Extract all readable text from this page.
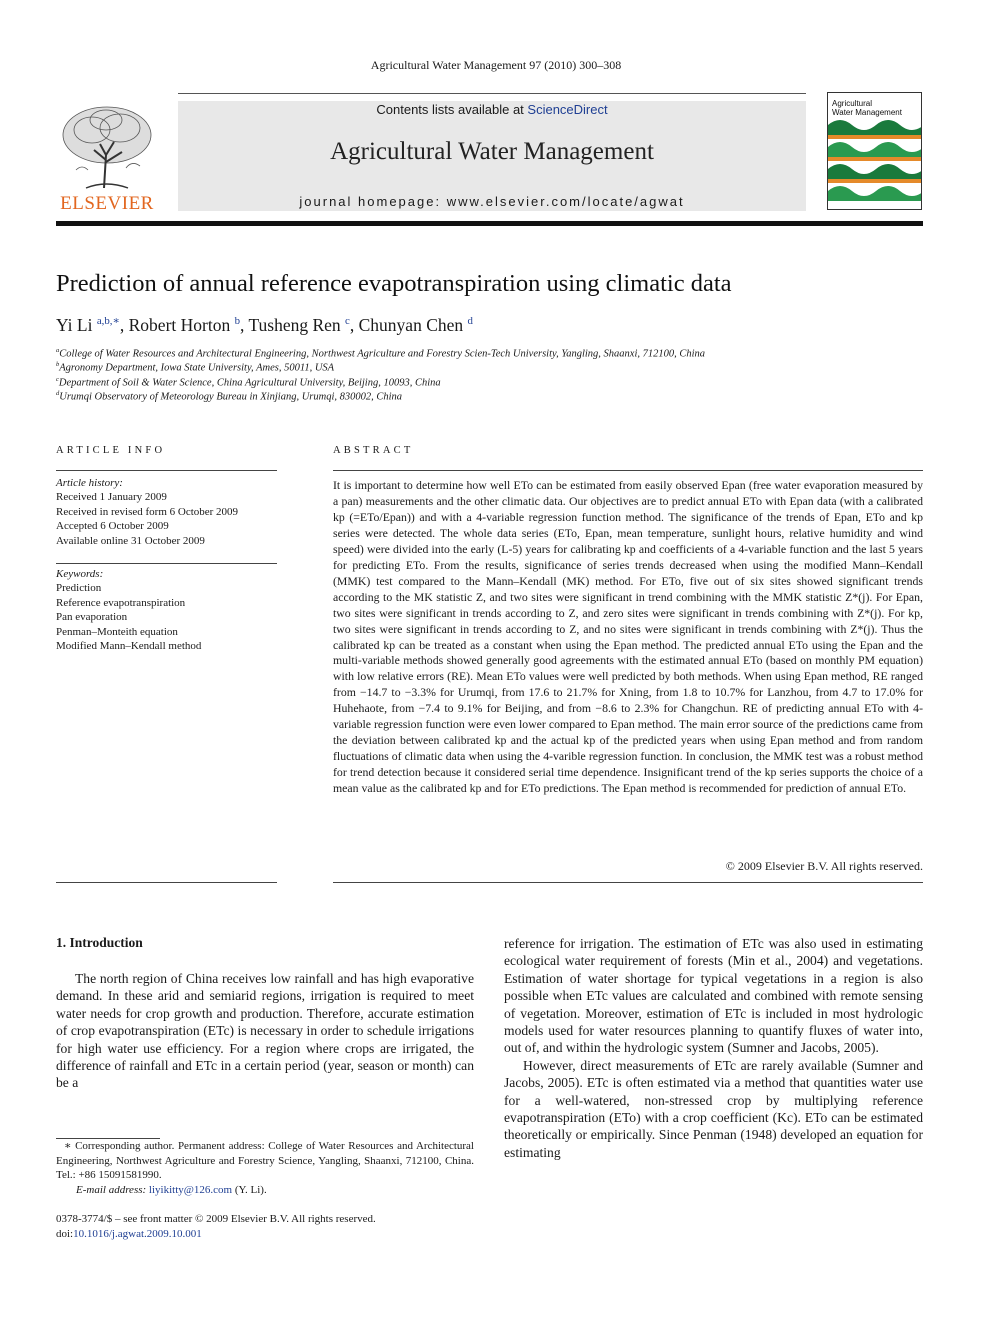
Agricultural Water Management 97 (2010) 300–308
ELSEVIER
Contents lists available at ScienceDirect
Agricultural Water Management
journal homepage: www.elsevier.com/locate/agwat
Agricultural
Water Management
Prediction of annual reference evapotranspiration using climatic data
Yi Li $^{a,b,∗}$, Robert Horton $^b$, Tusheng Ren $^c$, Chunyan Chen $^d$
$^a$College of Water Resources and Architectural Engineering, Northwest Agriculture and Forestry Scien-Tech University, Yangling, Shaanxi, 712100, China
$^b$Agronomy Department, Iowa State University, Ames, 50011, USA
$^c$Department of Soil & Water Science, China Agricultural University, Beijing, 10093, China
$^d$Urumqi Observatory of Meteorology Bureau in Xinjiang, Urumqi, 830002, China
ARTICLE INFO
Article history:
Received 1 January 2009
Received in revised form 6 October 2009
Accepted 6 October 2009
Available online 31 October 2009
Keywords:
Prediction
Reference evapotranspiration
Pan evaporation
Penman–Monteith equation
Modified Mann–Kendall method
ABSTRACT
It is important to determine how well ETo can be estimated from easily observed Epan (free water evaporation measured by a pan) measurements and the other climatic data. Our objectives are to predict annual ETo with Epan data (with a calibrated kp (=ETo/Epan)) and with a 4-variable regression function method. The significance of the trends of Epan, ETo and kp series were detected. The whole data series (ETo, Epan, mean temperature, sunlight hours, relative humidity and wind speed) were divided into the early (L-5) years for calibrating kp and coefficients of a 4-variable function and the last 5 years for predicting ETo. From the results, significance of series trends decreased when using the modified Mann–Kendall (MMK) test compared to the Mann–Kendall (MK) method. For ETo, five out of six sites showed significant trends according to the MK statistic Z, and two sites were significant in trend combining with the MMK statistic Z*(j). For Epan, two sites were significant in trends according to Z, and zero sites were significant in trends combining with Z*(j). For kp, two sites were significant in trends according to Z, and no sites were significant in trends combining with Z*(j). Thus the calibrated kp can be treated as a constant when using the Epan method. The predicted annual ETo using the Epan and the multi-variable methods showed generally good agreements with the estimated annual ETo (based on monthly PM equation) with low relative errors (RE). Mean ETo values were well predicted by both methods. When using Epan method, RE ranged from −14.7 to −3.3% for Urumqi, from 17.6 to 21.7% for Xning, from 1.8 to 10.7% for Lanzhou, from 4.7 to 17.0% for Huhehaote, from −7.4 to 9.1% for Beijing, and from −8.6 to 2.3% for Changchun. RE of predicting annual ETo with 4-variable regression function were even lower compared to Epan method. The main error source of the predictions came from the deviation between calibrated kp and the actual kp of the predicted years when using Epan method and from random fluctuations of climatic data when using the 4-varible regression function. In conclusion, the MMK test was a robust method for trend detection because it considered serial time dependence. Insignificant trend of the kp series supports the choice of a mean value as the calibrated kp and for ETo predictions. The Epan method is recommended for prediction of annual ETo.
© 2009 Elsevier B.V. All rights reserved.
1. Introduction

The north region of China receives low rainfall and has high evaporative demand. In these arid and semiarid regions, irrigation is required to meet water needs for crop growth and production. Therefore, accurate estimation of crop evapotranspiration (ETc) is necessary in order to schedule irrigations for high water use efficiency. For a region where crops are irrigated, the difference of rainfall and ETc in a certain period (year, season or month) can be a

reference for irrigation. The estimation of ETc was also used in estimating ecological water requirement of forests (Min et al., 2004) and vegetations. Estimation of water shortage for typical vegetations in a region is also possible when ETc values are calculated and combined with remote sensing of vegetation. Moreover, estimation of ETc is included in most hydrologic models used for water resources planning to quantify fluxes of water into, out of, and within the hydrologic system (Sumner and Jacobs, 2005).

However, direct measurements of ETc are rarely available (Sumner and Jacobs, 2005). ETc is often estimated via a method that quantities water use for a well-watered, non-stressed crop by multiplying reference evapotranspiration (ETo) with a crop coefficient (Kc). ETo can be estimated theoretically or empirically. Since Penman (1948) developed an equation for estimating

∗ Corresponding author. Permanent address: College of Water Resources and Architectural Engineering, Northwest Agriculture and Forestry Science, Yangling, Shaanxi, 712100, China. Tel.: +86 15091581990.
E-mail address: liyikitty@126.com (Y. Li).
0378-3774/$ – see front matter © 2009 Elsevier B.V. All rights reserved.
doi:10.1016/j.agwat.2009.10.001
